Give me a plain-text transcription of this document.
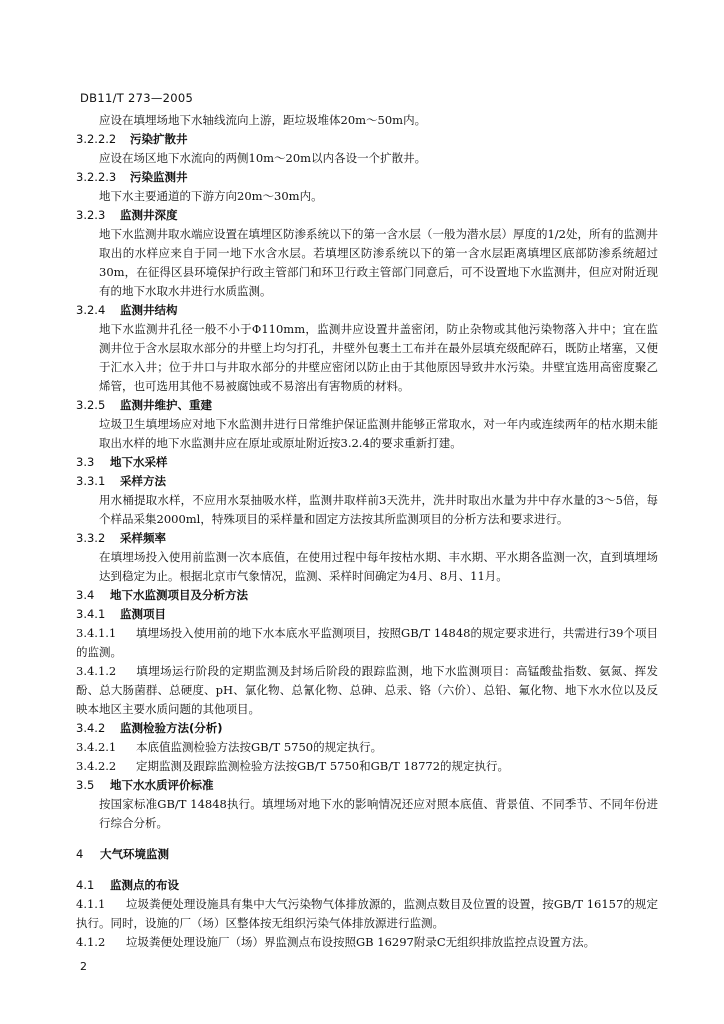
DB11/T 273—2005
应设在填埋场地下水轴线流向上游，距垃圾堆体20m～50m内。
3.2.2.2 污染扩散井
应设在场区地下水流向的两侧10m～20m以内各设一个扩散井。
3.2.2.3 污染监测井
地下水主要通道的下游方向20m～30m内。
3.2.3 监测井深度
地下水监测井取水端应设置在填埋区防渗系统以下的第一含水层（一般为潜水层）厚度的1/2处，所有的监测井取出的水样应来自于同一地下水含水层。若填埋区防渗系统以下的第一含水层距离填埋区底部防渗系统超过30m，在征得区县环境保护行政主管部门和环卫行政主管部门同意后，可不设置地下水监测井，但应对附近现有的地下水取水井进行水质监测。
3.2.4 监测井结构
地下水监测井孔径一般不小于Φ110mm，监测井应设置井盖密闭，防止杂物或其他污染物落入井中；宜在监测井位于含水层取水部分的井壁上均匀打孔，井壁外包裹土工布并在最外层填充级配碎石，既防止堵塞，又便于汇水入井；位于井口与井取水部分的井壁应密闭以防止由于其他原因导致井水污染。井壁宜选用高密度聚乙烯管，也可选用其他不易被腐蚀或不易溶出有害物质的材料。
3.2.5 监测井维护、重建
垃圾卫生填埋场应对地下水监测井进行日常维护保证监测井能够正常取水，对一年内或连续两年的枯水期未能取出水样的地下水监测井应在原址或原址附近按3.2.4的要求重新打建。
3.3 地下水采样
3.3.1 采样方法
用水桶提取水样，不应用水泵抽吸水样，监测井取样前3天洗井，洗井时取出水量为井中存水量的3～5倍，每个样品采集2000ml，特殊项目的采样量和固定方法按其所监测项目的分析方法和要求进行。
3.3.2 采样频率
在填埋场投入使用前监测一次本底值，在使用过程中每年按枯水期、丰水期、平水期各监测一次，直到填埋场达到稳定为止。根据北京市气象情况，监测、采样时间确定为4月、8月、11月。
3.4 地下水监测项目及分析方法
3.4.1 监测项目
3.4.1.1 填埋场投入使用前的地下水本底水平监测项目，按照GB/T 14848的规定要求进行，共需进行39个项目的监测。
3.4.1.2 填埋场运行阶段的定期监测及封场后阶段的跟踪监测，地下水监测项目：高锰酸盐指数、氨氮、挥发酚、总大肠菌群、总硬度、pH、氯化物、总氰化物、总砷、总汞、铬（六价）、总铅、氟化物、地下水水位以及反映本地区主要水质问题的其他项目。
3.4.2 监测检验方法(分析)
3.4.2.1 本底值监测检验方法按GB/T 5750的规定执行。
3.4.2.2 定期监测及跟踪监测检验方法按GB/T 5750和GB/T 18772的规定执行。
3.5 地下水水质评价标准
按国家标准GB/T 14848执行。填埋场对地下水的影响情况还应对照本底值、背景值、不同季节、不同年份进行综合分析。
4 大气环境监测
4.1 监测点的布设
4.1.1 垃圾粪便处理设施具有集中大气污染物气体排放源的，监测点数目及位置的设置，按GB/T 16157的规定执行。同时，设施的厂（场）区整体按无组织污染气体排放源进行监测。
4.1.2 垃圾粪便处理设施厂（场）界监测点布设按照GB 16297附录C无组织排放监控点设置方法。
2
